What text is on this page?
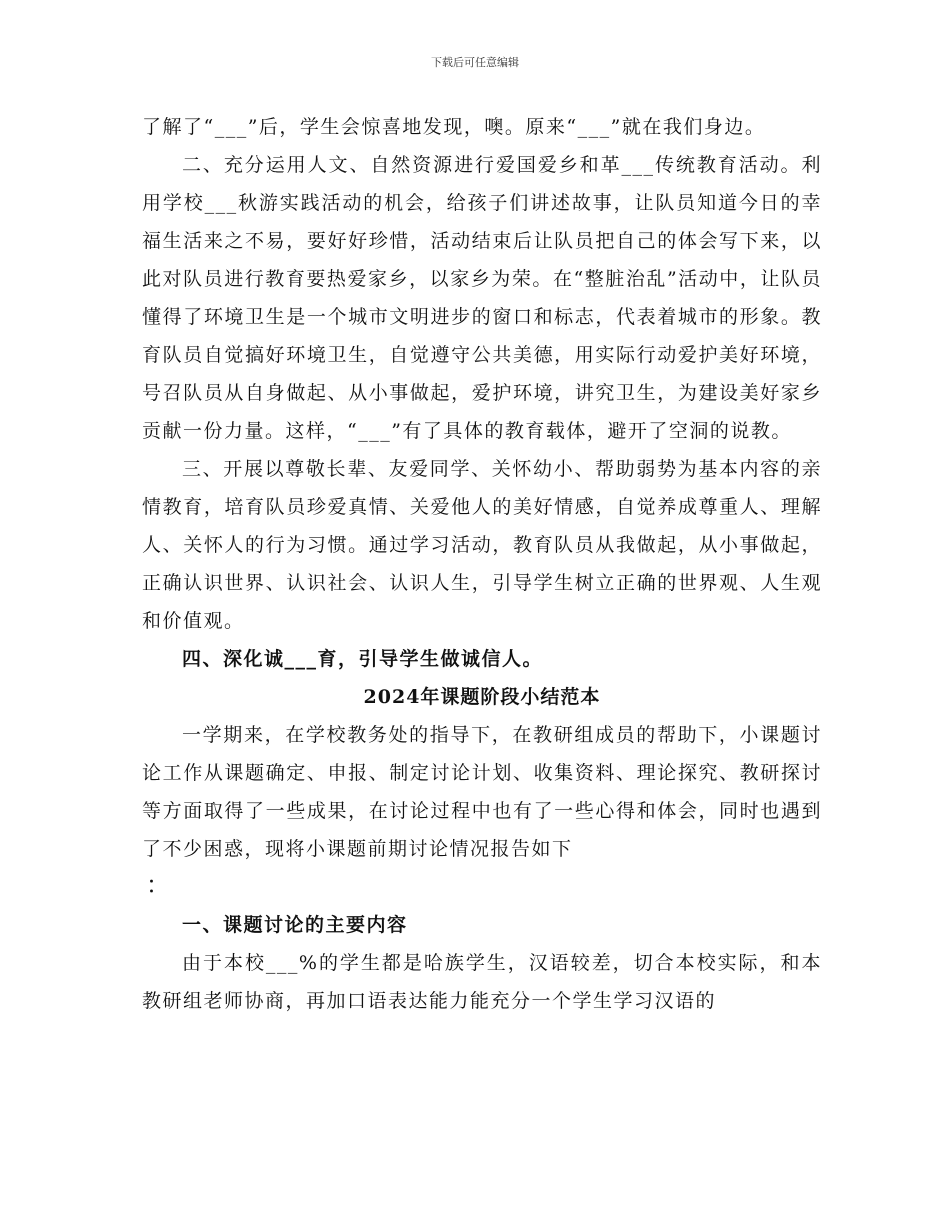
下载后可任意编辑

了解了“___”后，学生会惊喜地发现，噢。原来“___”就在我们身边。

二、充分运用人文、自然资源进行爱国爱乡和革___传统教育活动。利用学校___秋游实践活动的机会，给孩子们讲述故事，让队员知道今日的幸福生活来之不易，要好好珍惜，活动结束后让队员把自己的体会写下来，以此对队员进行教育要热爱家乡，以家乡为荣。在“整脏治乱”活动中，让队员懂得了环境卫生是一个城市文明进步的窗口和标志，代表着城市的形象。教育队员自觉搞好环境卫生，自觉遵守公共美德，用实际行动爱护美好环境，号召队员从自身做起、从小事做起，爱护环境，讲究卫生，为建设美好家乡贡献一份力量。这样，“___”有了具体的教育载体，避开了空洞的说教。

三、开展以尊敬长辈、友爱同学、关怀幼小、帮助弱势为基本内容的亲情教育，培育队员珍爱真情、关爱他人的美好情感，自觉养成尊重人、理解人、关怀人的行为习惯。通过学习活动，教育队员从我做起，从小事做起，正确认识世界、认识社会、认识人生，引导学生树立正确的世界观、人生观和价值观。

四、深化诚___育，引导学生做诚信人。

2024年课题阶段小结范本

一学期来，在学校教务处的指导下，在教研组成员的帮助下，小课题讨论工作从课题确定、申报、制定讨论计划、收集资料、理论探究、教研探讨等方面取得了一些成果，在讨论过程中也有了一些心得和体会，同时也遇到了不少困惑，现将小课题前期讨论情况报告如下

︰

一、课题讨论的主要内容

由于本校___%的学生都是哈族学生，汉语较差，切合本校实际，和本教研组老师协商，再加口语表达能力能充分一个学生学习汉语的
